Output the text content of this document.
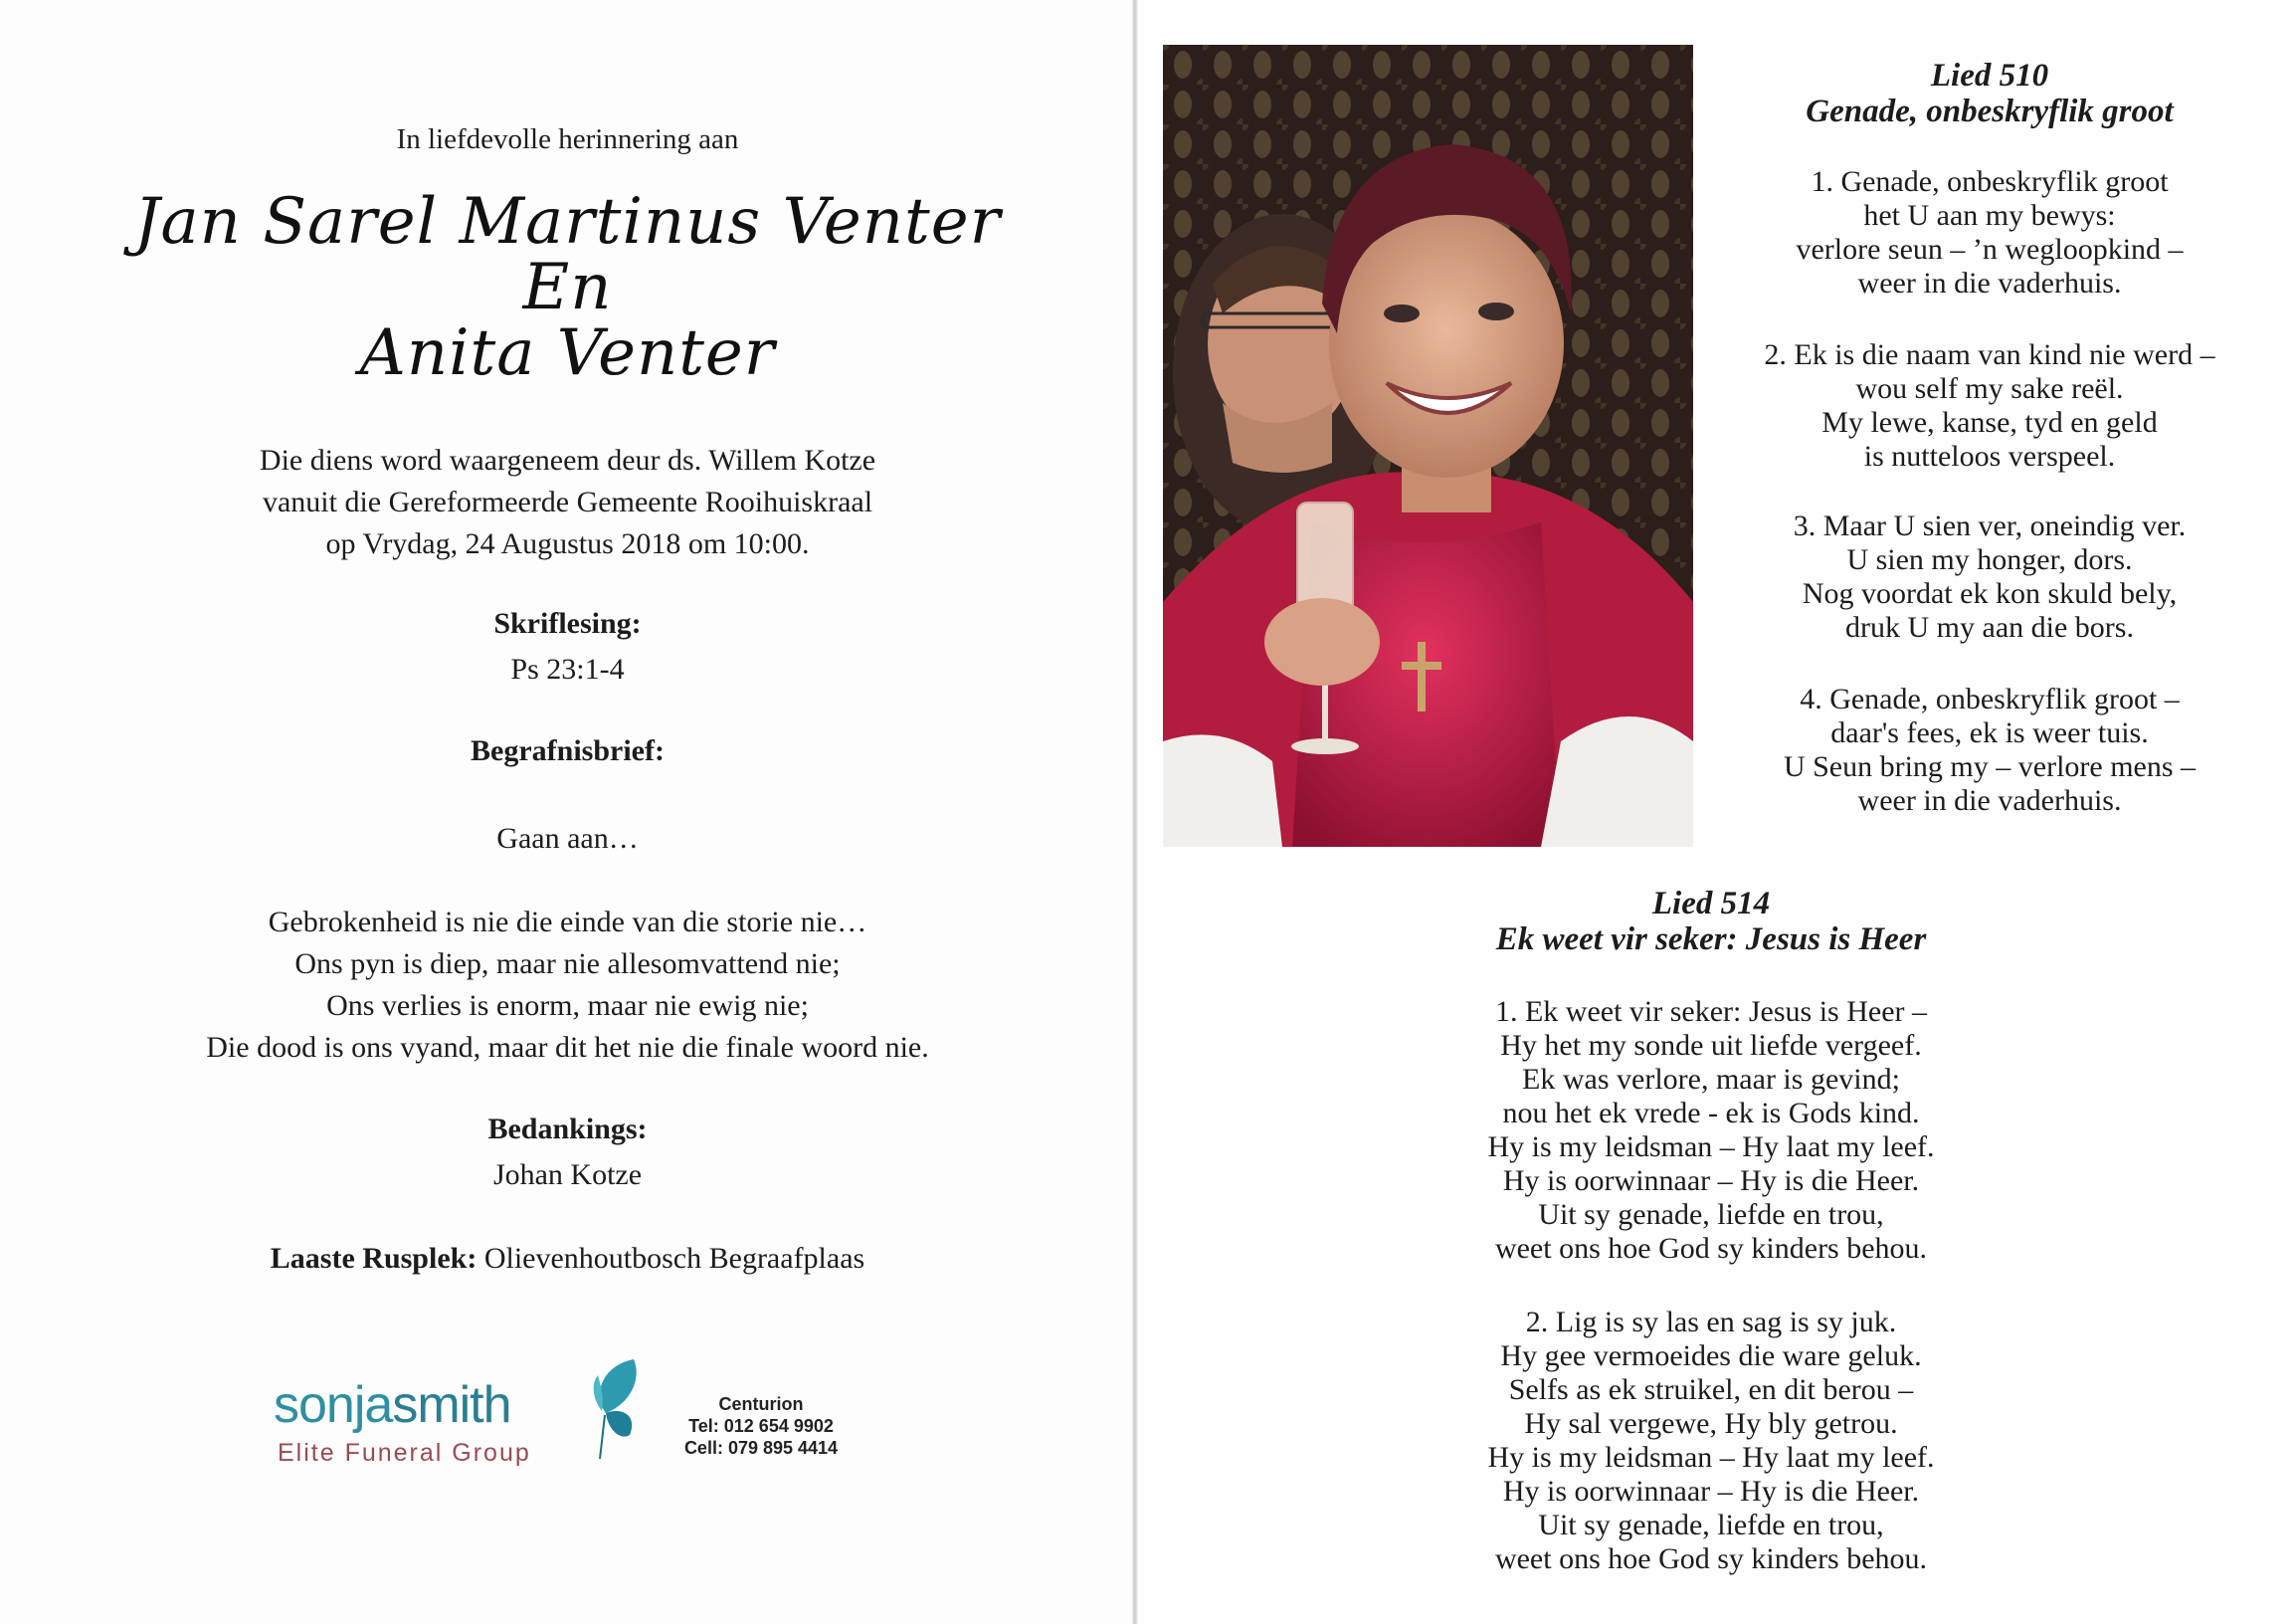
In liefdevolle herinnering aan
Jan Sarel Martinus Venter
En
Anita Venter
Die diens word waargeneem deur ds. Willem Kotze
vanuit die Gereformeerde Gemeente Rooihuiskraal
op Vrydag, 24 Augustus 2018 om 10:00.
Skriflesing:
Ps 23:1-4
Begrafnisbrief:
Gaan aan…
Gebrokenheid is nie die einde van die storie nie…
Ons pyn is diep, maar nie allesomvattend nie;
Ons verlies is enorm, maar nie ewig nie;
Die dood is ons vyand, maar dit het nie die finale woord nie.
Bedankings:
Johan Kotze
Laaste Rusplek: Olievenhoutbosch Begraafplaas
sonjasmith
Elite Funeral Group
Centurion
Tel: 012 654 9902
Cell: 079 895 4414
Lied 510
Genade, onbeskryflik groot
1. Genade, onbeskryflik groot
het U aan my bewys:
verlore seun – ’n wegloopkind –
weer in die vaderhuis.
2. Ek is die naam van kind nie werd –
wou self my sake reël.
My lewe, kanse, tyd en geld
is nutteloos verspeel.
3. Maar U sien ver, oneindig ver.
U sien my honger, dors.
Nog voordat ek kon skuld bely,
druk U my aan die bors.
4. Genade, onbeskryflik groot –
daar's fees, ek is weer tuis.
U Seun bring my – verlore mens –
weer in die vaderhuis.
Lied 514
Ek weet vir seker: Jesus is Heer
1. Ek weet vir seker: Jesus is Heer –
Hy het my sonde uit liefde vergeef.
Ek was verlore, maar is gevind;
nou het ek vrede - ek is Gods kind.
Hy is my leidsman – Hy laat my leef.
Hy is oorwinnaar – Hy is die Heer.
Uit sy genade, liefde en trou,
weet ons hoe God sy kinders behou.
2. Lig is sy las en sag is sy juk.
Hy gee vermoeides die ware geluk.
Selfs as ek struikel, en dit berou –
Hy sal vergewe, Hy bly getrou.
Hy is my leidsman – Hy laat my leef.
Hy is oorwinnaar – Hy is die Heer.
Uit sy genade, liefde en trou,
weet ons hoe God sy kinders behou.
